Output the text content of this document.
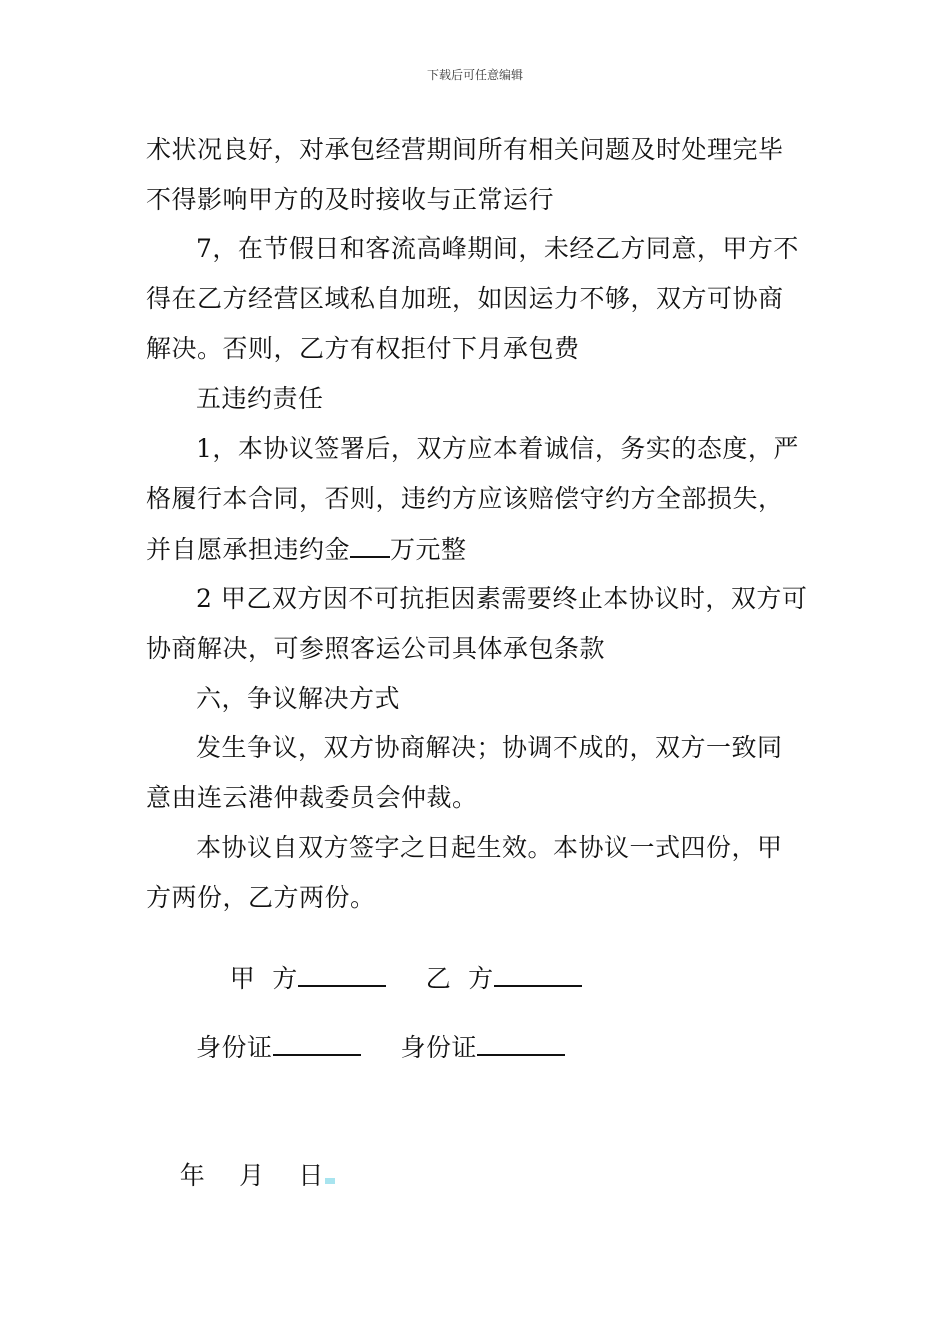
下载后可任意编辑
术状况良好，对承包经营期间所有相关问题及时处理完毕
不得影响甲方的及时接收与正常运行
7，在节假日和客流高峰期间，未经乙方同意，甲方不
得在乙方经营区域私自加班，如因运力不够，双方可协商
解决。否则，乙方有权拒付下月承包费
五违约责任
1，本协议签署后，双方应本着诚信，务实的态度，严
格履行本合同，否则，违约方应该赔偿守约方全部损失，
并自愿承担违约金 万元整
2 甲乙双方因不可抗拒因素需要终止本协议时，双方可
协商解决，可参照客运公司具体承包条款
六，争议解决方式
发生争议，双方协商解决；协调不成的，双方一致同
意由连云港仲裁委员会仲裁。
本协议自双方签字之日起生效。本协议一式四份，甲
方两份，乙方两份。

甲  方	乙  方

身份证	身份证

年    月    日
